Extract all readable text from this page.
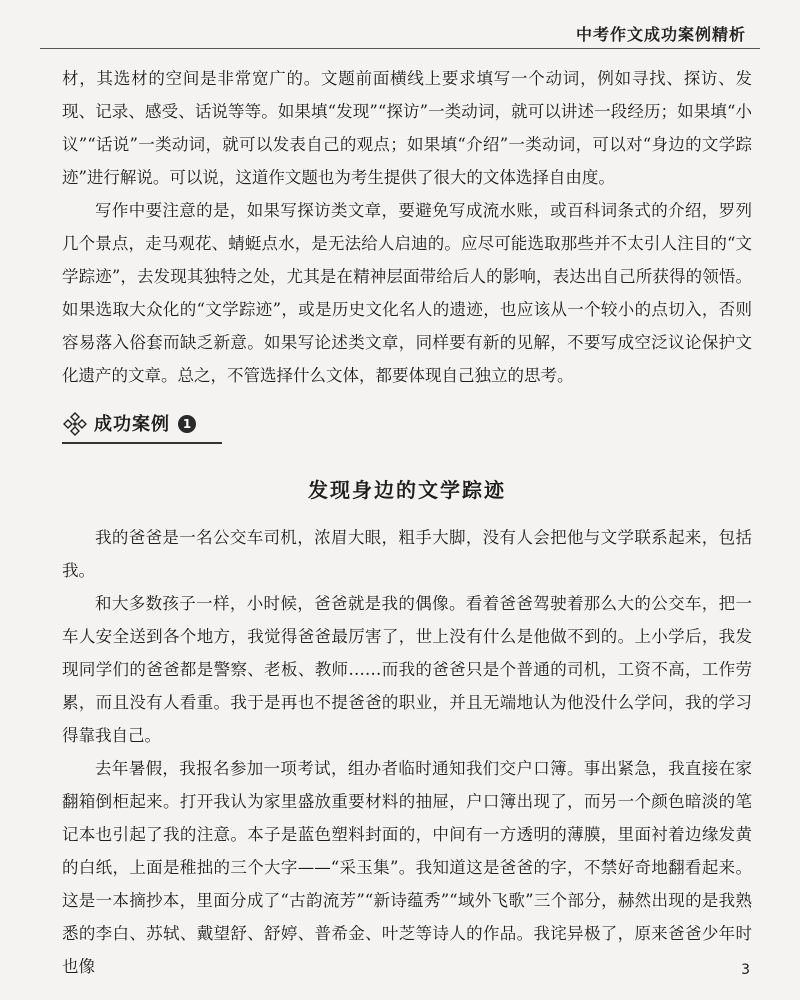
中考作文成功案例精析

材，其选材的空间是非常宽广的。文题前面横线上要求填写一个动词，例如寻找、探访、发现、记录、感受、话说等等。如果填“发现”“探访”一类动词，就可以讲述一段经历；如果填“小议”“话说”一类动词，就可以发表自己的观点；如果填“介绍”一类动词，可以对“身边的文学踪迹”进行解说。可以说，这道作文题也为考生提供了很大的文体选择自由度。

写作中要注意的是，如果写探访类文章，要避免写成流水账，或百科词条式的介绍，罗列几个景点，走马观花、蜻蜓点水，是无法给人启迪的。应尽可能选取那些并不太引人注目的“文学踪迹”，去发现其独特之处，尤其是在精神层面带给后人的影响，表达出自己所获得的领悟。如果选取大众化的“文学踪迹”，或是历史文化名人的遗迹，也应该从一个较小的点切入，否则容易落入俗套而缺乏新意。如果写论述类文章，同样要有新的见解，不要写成空泛议论保护文化遗产的文章。总之，不管选择什么文体，都要体现自己独立的思考。

成功案例	1
发现身边的文学踪迹

我的爸爸是一名公交车司机，浓眉大眼，粗手大脚，没有人会把他与文学联系起来，包括我。

和大多数孩子一样，小时候，爸爸就是我的偶像。看着爸爸驾驶着那么大的公交车，把一车人安全送到各个地方，我觉得爸爸最厉害了，世上没有什么是他做不到的。上小学后，我发现同学们的爸爸都是警察、老板、教师……而我的爸爸只是个普通的司机，工资不高，工作劳累，而且没有人看重。我于是再也不提爸爸的职业，并且无端地认为他没什么学问，我的学习得靠我自己。

去年暑假，我报名参加一项考试，组办者临时通知我们交户口簿。事出紧急，我直接在家翻箱倒柜起来。打开我认为家里盛放重要材料的抽屉，户口簿出现了，而另一个颜色暗淡的笔记本也引起了我的注意。本子是蓝色塑料封面的，中间有一方透明的薄膜，里面衬着边缘发黄的白纸，上面是稚拙的三个大字——“采玉集”。我知道这是爸爸的字，不禁好奇地翻看起来。这是一本摘抄本，里面分成了“古韵流芳”“新诗蕴秀”“域外飞歌”三个部分，赫然出现的是我熟悉的李白、苏轼、戴望舒、舒婷、普希金、叶芝等诗人的作品。我诧异极了，原来爸爸少年时也像	3
